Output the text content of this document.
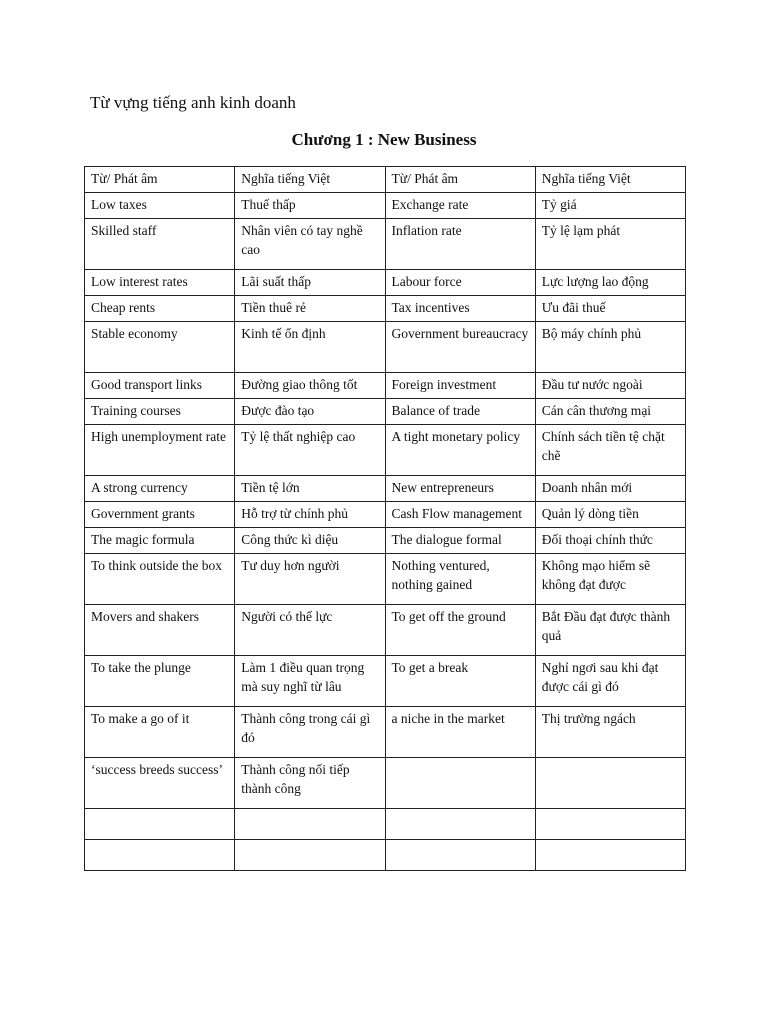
Từ vựng tiếng anh kinh doanh

Chương 1 : New Business
Từ/ Phát âm	Nghĩa tiếng Việt	Từ/ Phát âm	Nghĩa tiếng Việt
Low taxes	Thuế thấp	Exchange rate	Tỷ giá
Skilled staff	Nhân viên có tay nghề cao	Inflation rate	Tỷ lệ lạm phát
Low interest rates	Lãi suất thấp	Labour force	Lực lượng lao động
Cheap rents	Tiền thuê rẻ	Tax incentives	Ưu đãi thuế
Stable economy	Kinh tế ổn định	Government bureaucracy	Bộ máy chính phủ
Good transport links	Đường giao thông tốt	Foreign investment	Đầu tư nước ngoài
Training courses	Được đào tạo	Balance of trade	Cán cân thương mại
High unemployment rate	Tỷ lệ thất nghiệp cao	A tight monetary policy	Chính sách tiền tệ chặt chẽ
A strong currency	Tiền tệ lớn	New entrepreneurs	Doanh nhân mới
Government grants	Hỗ trợ từ chính phủ	Cash Flow management	Quản lý dòng tiền
The magic formula	Công thức kì diệu	The dialogue formal	Đối thoại chính thức
To think outside the box	Tư duy hơn người	Nothing ventured, nothing gained	Không mạo hiểm sẽ không đạt được
Movers and shakers	Người có thế lực	To get off the ground	Bắt Đầu đạt được thành quả
To take the plunge	Làm 1 điều quan trọng mà suy nghĩ từ lâu	To get a break	Nghỉ ngơi sau khi đạt được cái gì đó
To make a go of it	Thành công trong cái gì đó	a niche in the market	Thị trường ngách
‘success breeds success’	Thành công nối tiếp thành công		
